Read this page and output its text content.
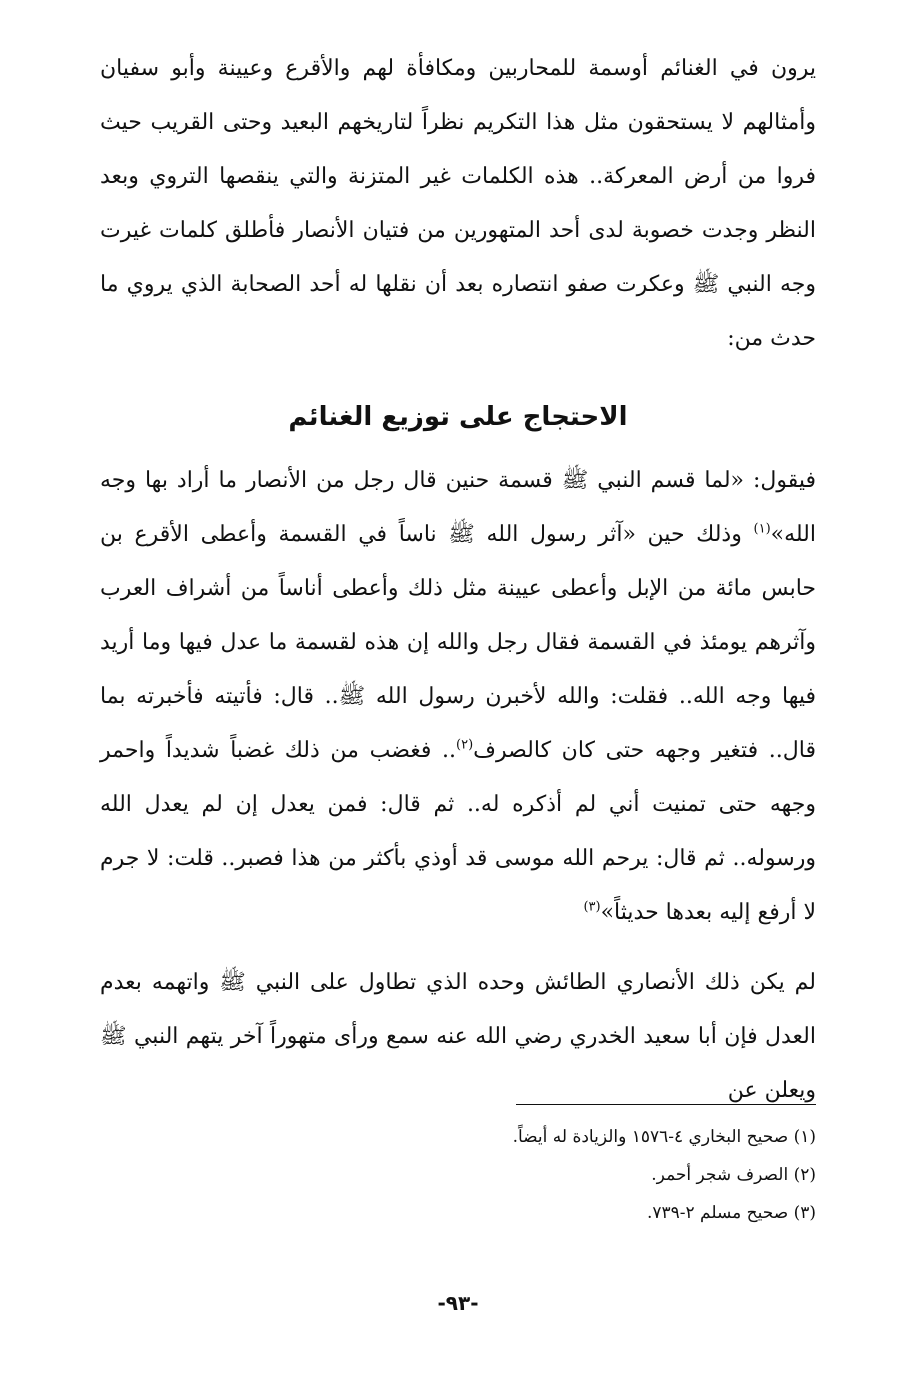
يرون في الغنائم أوسمة للمحاربين ومكافأة لهم والأقرع وعيينة وأبو سفيان وأمثالهم لا يستحقون مثل هذا التكريم نظراً لتاريخهم البعيد وحتى القريب حيث فروا من أرض المعركة.. هذه الكلمات غير المتزنة والتي ينقصها التروي وبعد النظر وجدت خصوبة لدى أحد المتهورين من فتيان الأنصار فأطلق كلمات غيرت وجه النبي ﷺ وعكرت صفو انتصاره بعد أن نقلها له أحد الصحابة الذي يروي ما حدث من:

الاحتجاج على توزيع الغنائم

فيقول: «لما قسم النبي ﷺ قسمة حنين قال رجل من الأنصار ما أراد بها وجه الله»$^{(١)}$ وذلك حين «آثر رسول الله ﷺ ناساً في القسمة وأعطى الأقرع بن حابس مائة من الإبل وأعطى عيينة مثل ذلك وأعطى أناساً من أشراف العرب وآثرهم يومئذ في القسمة فقال رجل والله إن هذه لقسمة ما عدل فيها وما أريد فيها وجه الله.. فقلت: والله لأخبرن رسول الله ﷺ.. قال: فأتيته فأخبرته بما قال.. فتغير وجهه حتى كان كالصرف$^{(٢)}$.. فغضب من ذلك غضباً شديداً واحمر وجهه حتى تمنيت أني لم أذكره له.. ثم قال: فمن يعدل إن لم يعدل الله ورسوله.. ثم قال: يرحم الله موسى قد أوذي بأكثر من هذا فصبر.. قلت: لا جرم لا أرفع إليه بعدها حديثاً»$^{(٣)}$

لم يكن ذلك الأنصاري الطائش وحده الذي تطاول على النبي ﷺ واتهمه بعدم العدل فإن أبا سعيد الخدري رضي الله عنه سمع ورأى متهوراً آخر يتهم النبي ﷺ ويعلن عن

(١) صحيح البخاري ٤-١٥٧٦ والزيادة له أيضاً.

(٢) الصرف شجر أحمر.

(٣) صحيح مسلم ٢-٧٣٩.

-٩٣-
